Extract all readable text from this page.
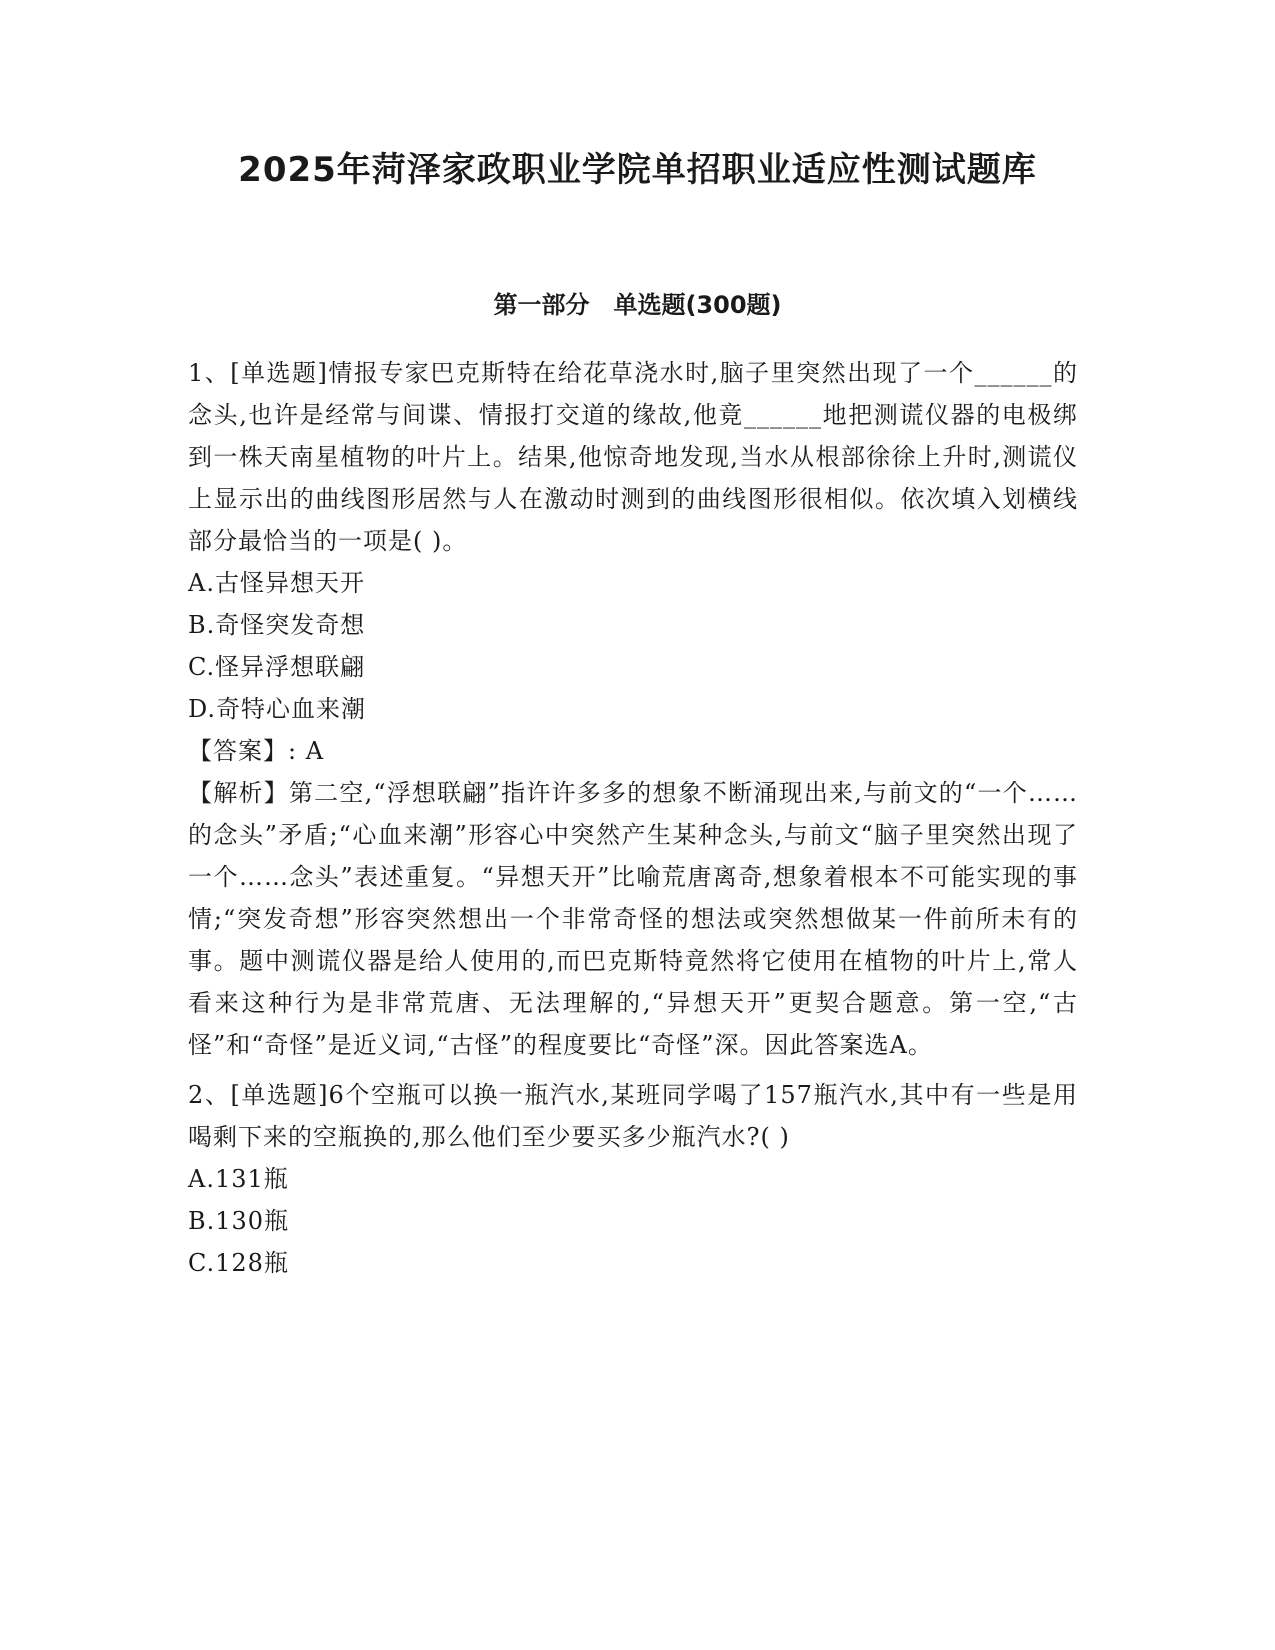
2025年菏泽家政职业学院单招职业适应性测试题库
第一部分　单选题(300题)

1、[单选题]情报专家巴克斯特在给花草浇水时,脑子里突然出现了一个______的念头,也许是经常与间谍、情报打交道的缘故,他竟______地把测谎仪器的电极绑到一株天南星植物的叶片上。结果,他惊奇地发现,当水从根部徐徐上升时,测谎仪上显示出的曲线图形居然与人在激动时测到的曲线图形很相似。依次填入划横线部分最恰当的一项是( )。

A.古怪异想天开
B.奇怪突发奇想
C.怪异浮想联翩
D.奇特心血来潮

【答案】: A

【解析】第二空,“浮想联翩”指许许多多的想象不断涌现出来,与前文的“一个……的念头”矛盾;“心血来潮”形容心中突然产生某种念头,与前文“脑子里突然出现了一个……念头”表述重复。“异想天开”比喻荒唐离奇,想象着根本不可能实现的事情;“突发奇想”形容突然想出一个非常奇怪的想法或突然想做某一件前所未有的事。题中测谎仪器是给人使用的,而巴克斯特竟然将它使用在植物的叶片上,常人看来这种行为是非常荒唐、无法理解的,“异想天开”更契合题意。第一空,“古怪”和“奇怪”是近义词,“古怪”的程度要比“奇怪”深。因此答案选A。

2、[单选题]6个空瓶可以换一瓶汽水,某班同学喝了157瓶汽水,其中有一些是用喝剩下来的空瓶换的,那么他们至少要买多少瓶汽水?( )

A.131瓶
B.130瓶
C.128瓶
